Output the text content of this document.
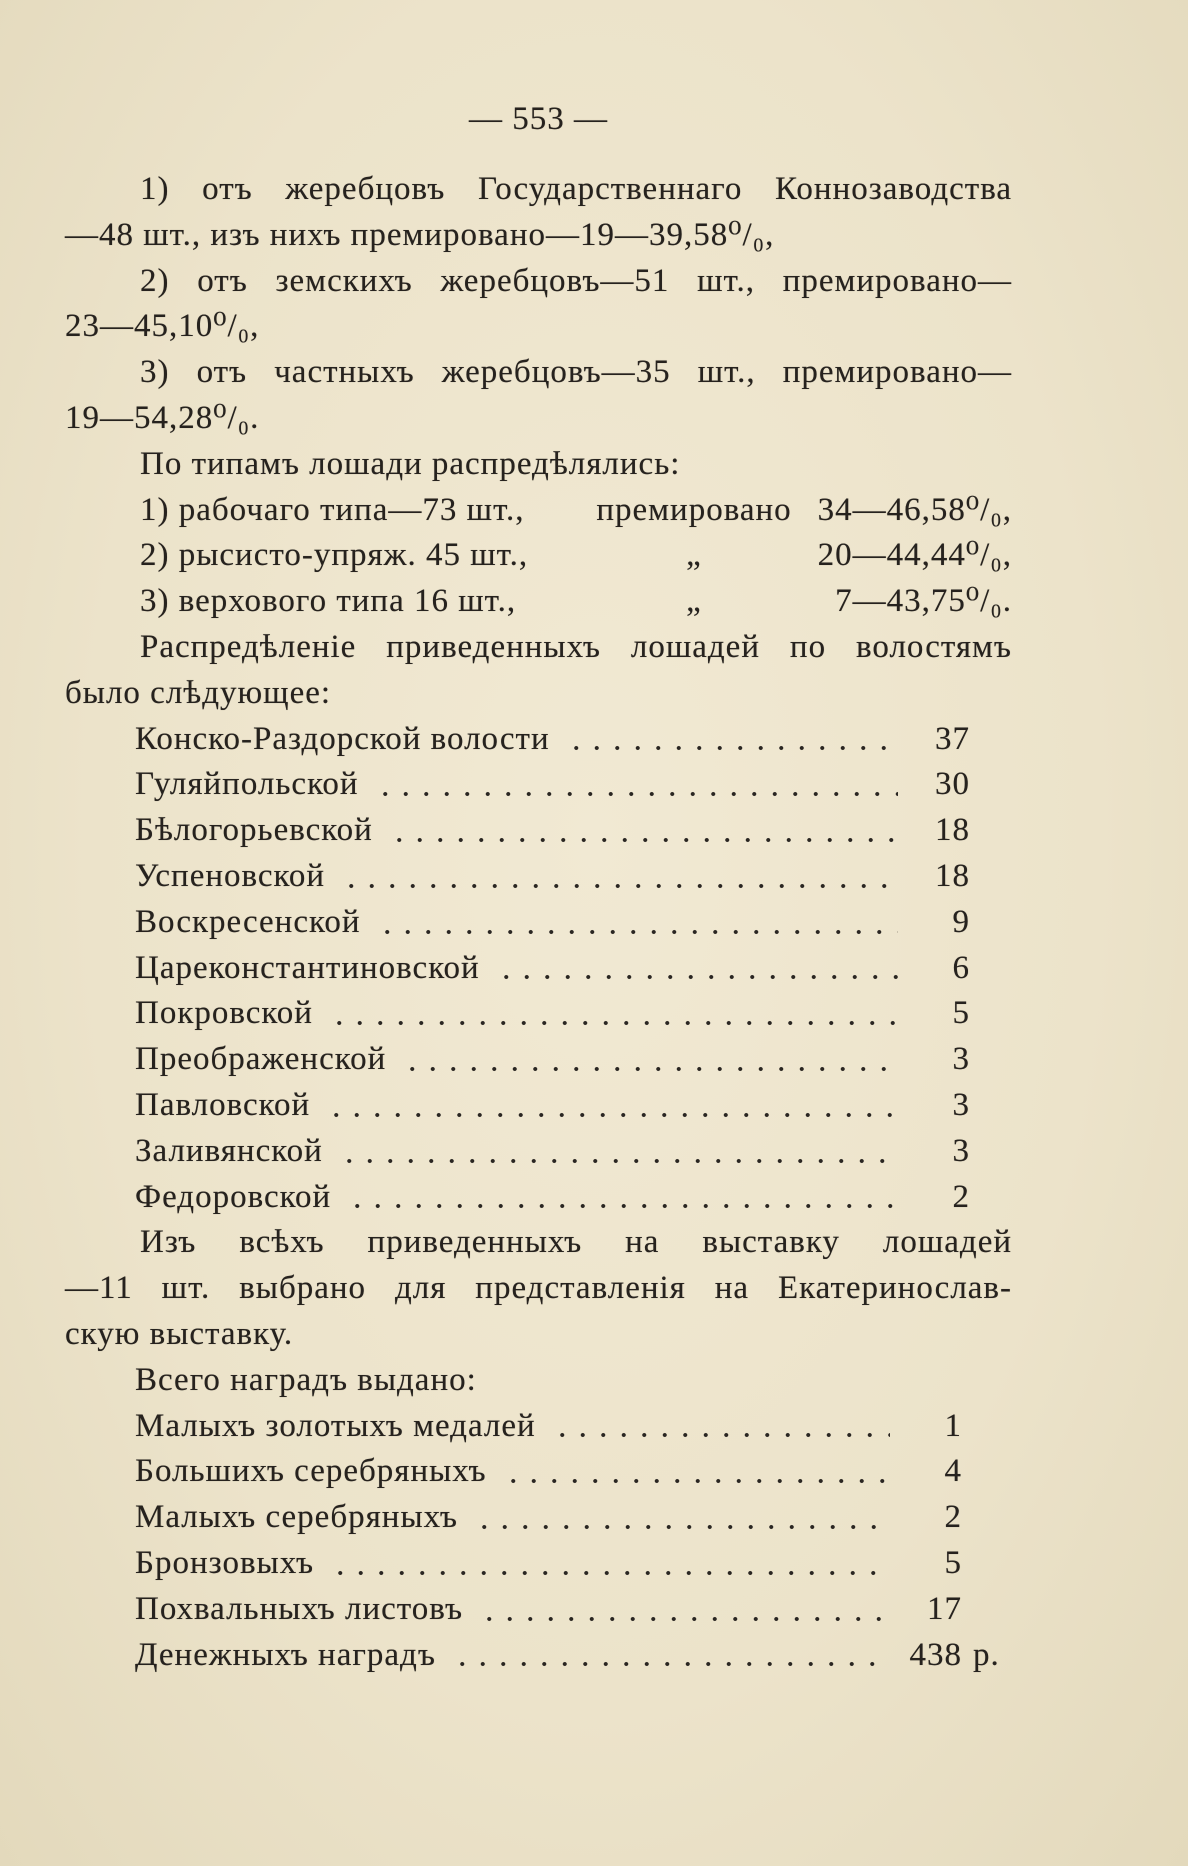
— 553 —
1) отъ жеребцовъ Государственнаго Коннозаводства
—48 шт., изъ нихъ премировано—19—39,58⁰/₀,
2) отъ земскихъ жеребцовъ—51 шт., премировано—
23—45,10⁰/₀,
3) отъ частныхъ жеребцовъ—35 шт., премировано—
19—54,28⁰/₀.
По типамъ лошади распредѣлялись:
1) рабочаго типа—73 шт., премировано 34—46,58⁰/₀,
2) рысисто-упряж. 45 шт.,	„	20—44,44⁰/₀,
3) верхового типа 16 шт.,	„	7—43,75⁰/₀.
Распредѣленіе приведенныхъ лошадей по волостямъ
было слѣдующее:
Конско-Раздорской волости	37
Гуляйпольской	30
Бѣлогорьевской	18
Успеновской	18
Воскресенской	9
Цареконстантиновской	6
Покровской	5
Преображенской	3
Павловской	3
Заливянской	3
Федоровской	2
Изъ всѣхъ приведенныхъ на выставку лошадей
—11 шт. выбрано для представленія на Екатеринослав-
скую выставку.
Всего наградъ выдано:
Малыхъ золотыхъ медалей	1
Большихъ серебряныхъ	4
Малыхъ серебряныхъ	2
Бронзовыхъ	5
Похвальныхъ листовъ	17
Денежныхъ наградъ	438 р.
